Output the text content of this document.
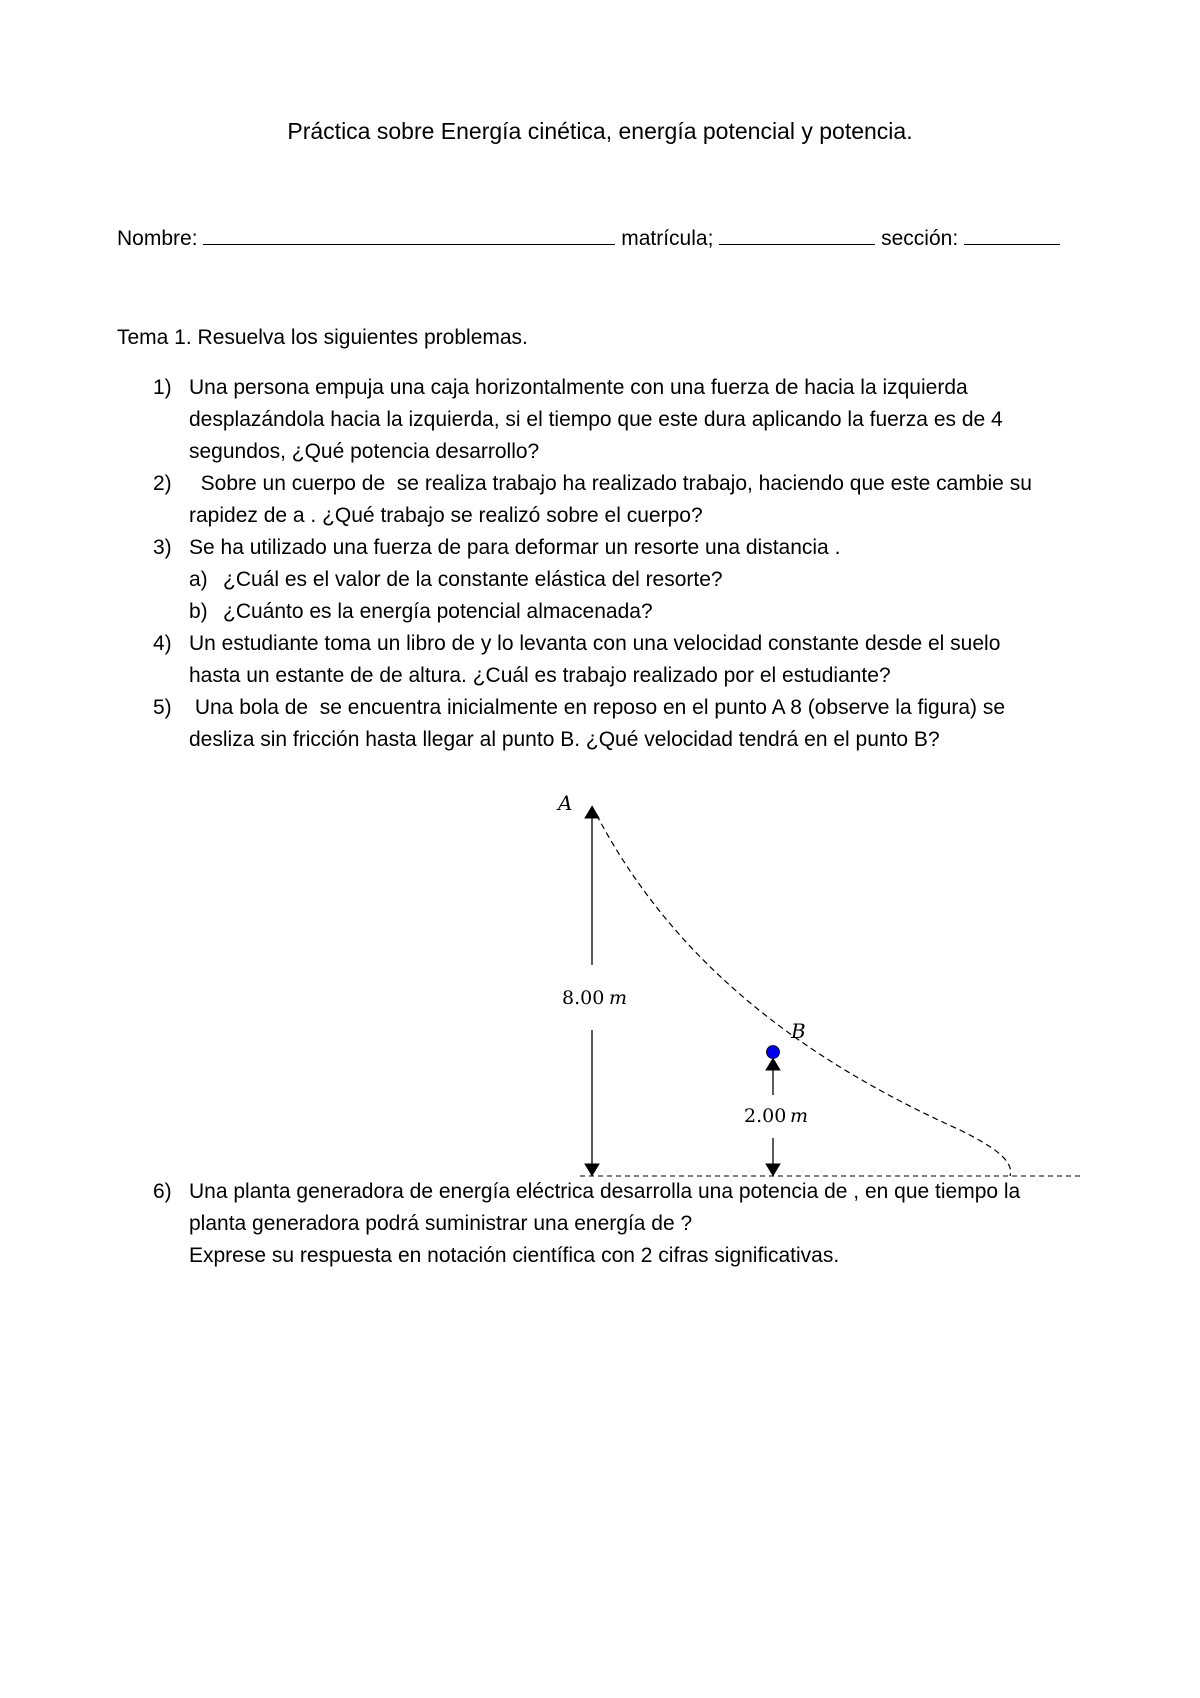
Práctica sobre Energía cinética, energía potencial y potencia.
Nombre:	matrícula;	sección:
Tema 1. Resuelva los siguientes problemas.
1) Una persona empuja una caja horizontalmente con una fuerza de hacia la izquierda
desplazándola hacia la izquierda, si el tiempo que este dura aplicando la fuerza es de 4
segundos, ¿Qué potencia desarrollo?
2) Sobre un cuerpo de  se realiza trabajo ha realizado trabajo, haciendo que este cambie su
rapidez de a . ¿Qué trabajo se realizó sobre el cuerpo?
3) Se ha utilizado una fuerza de para deformar un resorte una distancia .
a) ¿Cuál es el valor de la constante elástica del resorte?
b) ¿Cuánto es la energía potencial almacenada?
4) Un estudiante toma un libro de y lo levanta con una velocidad constante desde el suelo
hasta un estante de de altura. ¿Cuál es trabajo realizado por el estudiante?
5) Una bola de  se encuentra inicialmente en reposo en el punto A 8 (observe la figura) se
desliza sin fricción hasta llegar al punto B. ¿Qué velocidad tendrá en el punto B?
A
8.00 m
2.00 m
B
6) Una planta generadora de energía eléctrica desarrolla una potencia de , en que tiempo la
planta generadora podrá suministrar una energía de ?
Exprese su respuesta en notación científica con 2 cifras significativas.
